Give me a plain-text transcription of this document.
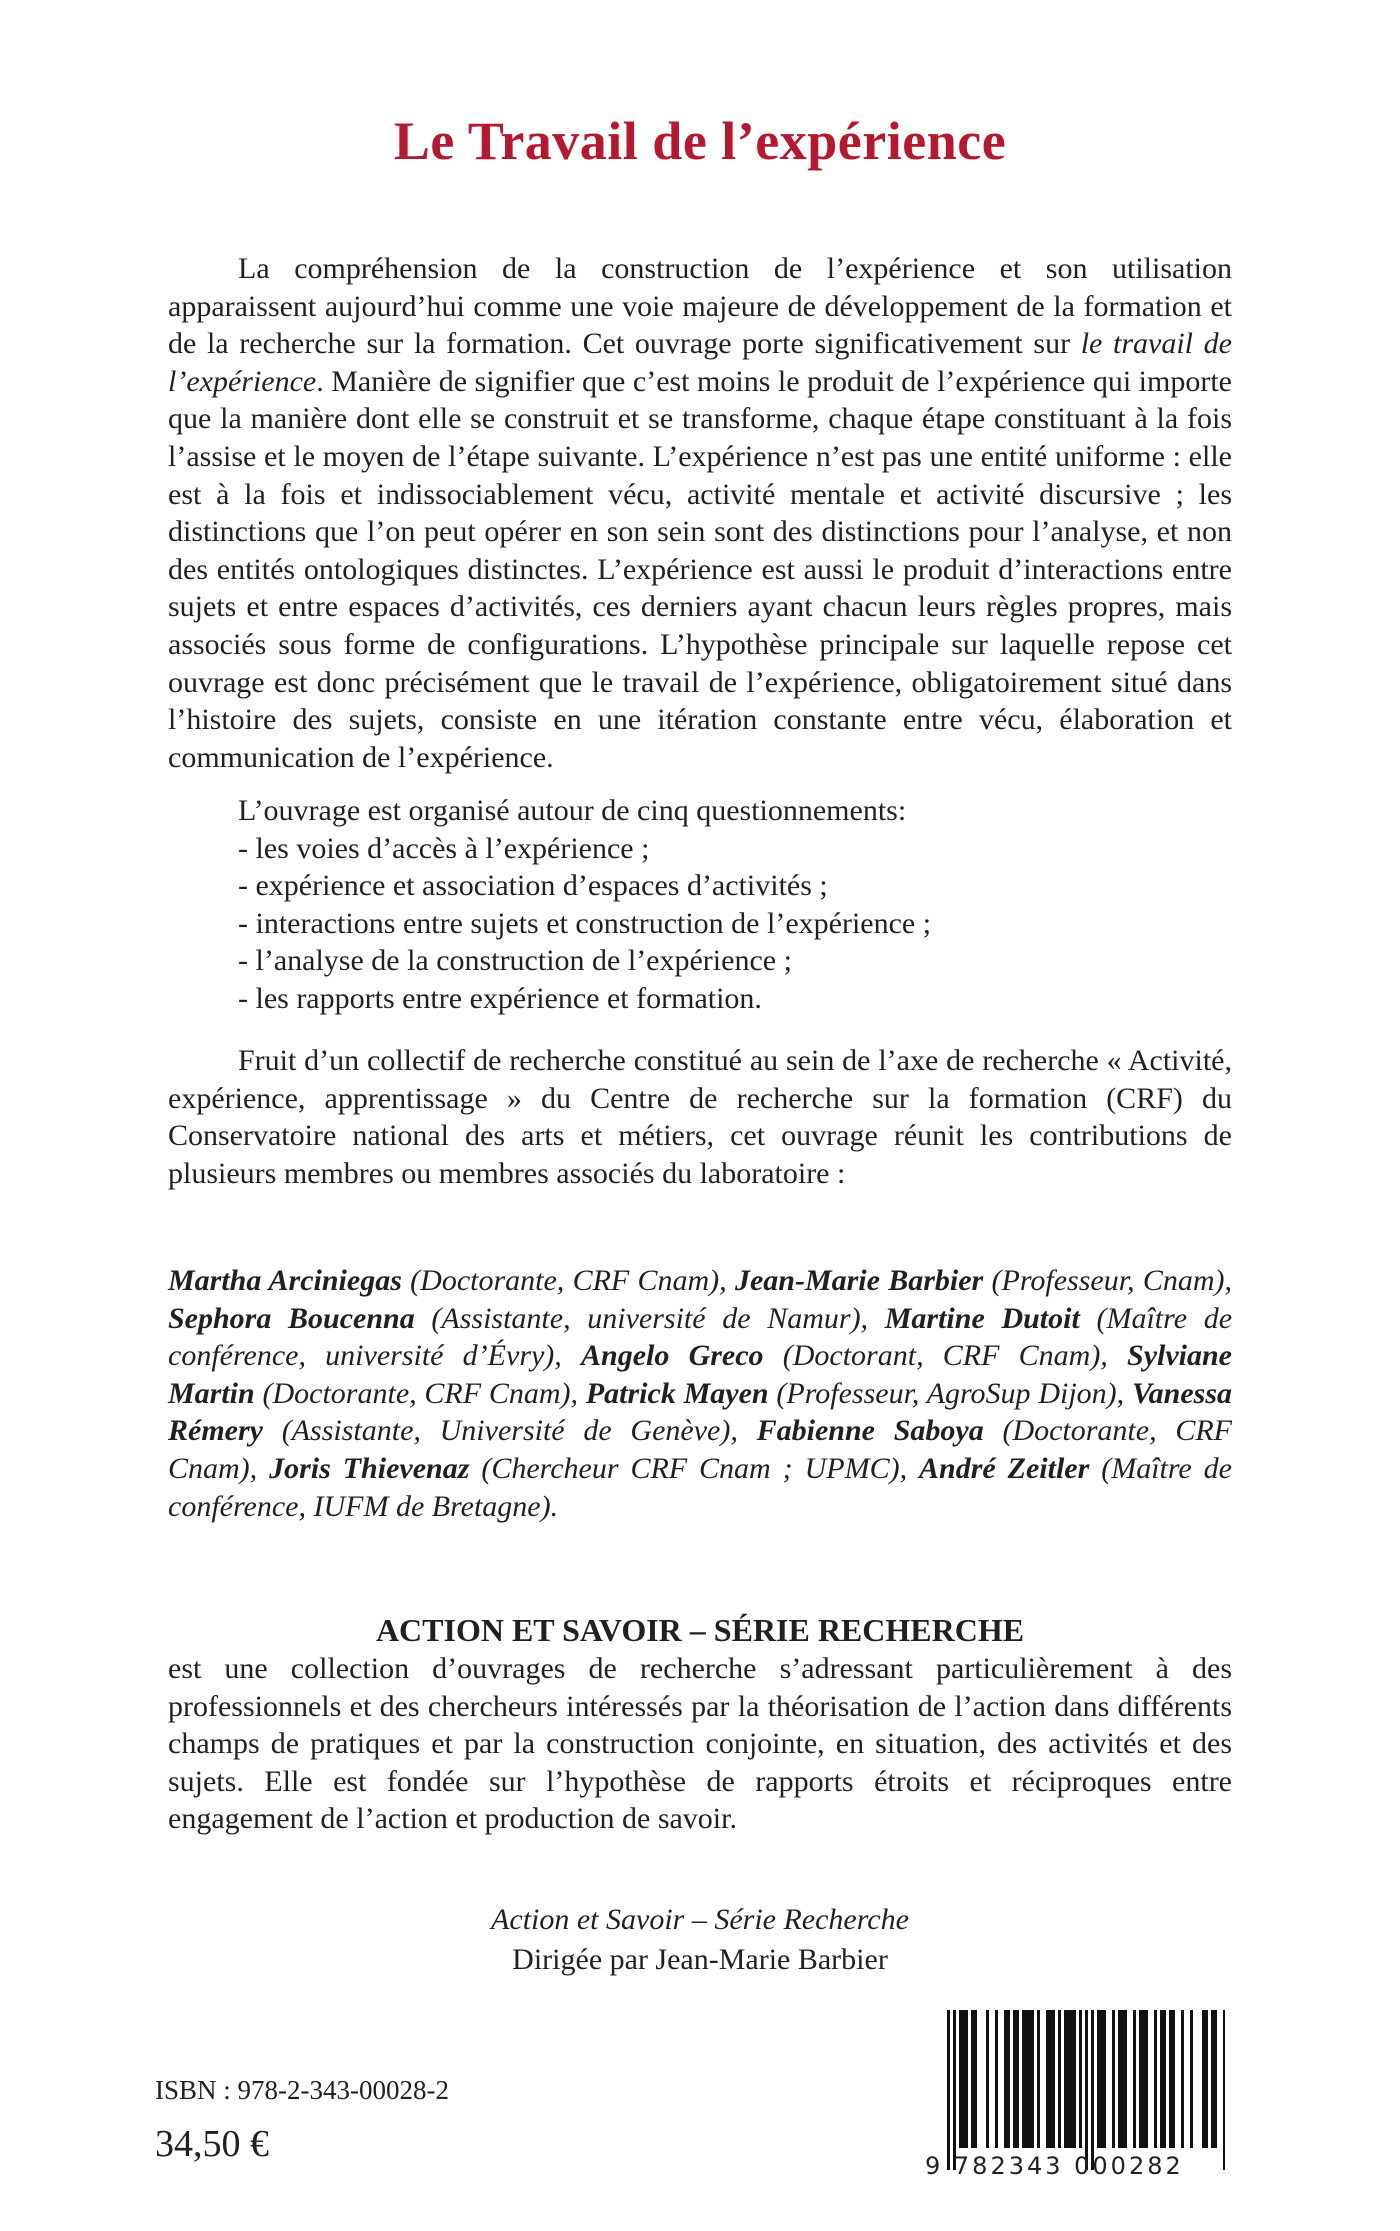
Le Travail de l’expérience
La compréhension de la construction de l’expérience et son utilisation apparaissent aujourd’hui comme une voie majeure de développement de la formation et de la recherche sur la formation. Cet ouvrage porte significativement sur le travail de l’expérience. Manière de signifier que c’est moins le produit de l’expérience qui importe que la manière dont elle se construit et se transforme, chaque étape constituant à la fois l’assise et le moyen de l’étape suivante. L’expérience n’est pas une entité uniforme : elle est à la fois et indissociablement vécu, activité mentale et activité discursive ; les distinctions que l’on peut opérer en son sein sont des distinctions pour l’analyse, et non des entités ontologiques distinctes. L’expérience est aussi le produit d’interactions entre sujets et entre espaces d’activités, ces derniers ayant chacun leurs règles propres, mais associés sous forme de configurations. L’hypothèse principale sur laquelle repose cet ouvrage est donc précisément que le travail de l’expérience, obligatoirement situé dans l’histoire des sujets, consiste en une itération constante entre vécu, élaboration et communication de l’expérience.
L’ouvrage est organisé autour de cinq questionnements:
- les voies d’accès à l’expérience ;
- expérience et association d’espaces d’activités ;
- interactions entre sujets et construction de l’expérience ;
- l’analyse de la construction de l’expérience ;
- les rapports entre expérience et formation.
Fruit d’un collectif de recherche constitué au sein de l’axe de recherche « Activité, expérience, apprentissage » du Centre de recherche sur la formation (CRF) du Conservatoire national des arts et métiers, cet ouvrage réunit les contributions de plusieurs membres ou membres associés du laboratoire :
Martha Arciniegas (Doctorante, CRF Cnam), Jean-Marie Barbier (Professeur, Cnam), Sephora Boucenna (Assistante, université de Namur), Martine Dutoit (Maître de conférence, université d’Évry), Angelo Greco (Doctorant, CRF Cnam), Sylviane Martin (Doctorante, CRF Cnam), Patrick Mayen (Professeur, AgroSup Dijon), Vanessa Rémery (Assistante, Université de Genève), Fabienne Saboya (Doctorante, CRF Cnam), Joris Thievenaz (Chercheur CRF Cnam ; UPMC), André Zeitler (Maître de conférence, IUFM de Bretagne).
ACTION ET SAVOIR – SÉRIE RECHERCHE
est une collection d’ouvrages de recherche s’adressant particulièrement à des professionnels et des chercheurs intéressés par la théorisation de l’action dans différents champs de pratiques et par la construction conjointe, en situation, des activités et des sujets. Elle est fondée sur l’hypothèse de rapports étroits et réciproques entre engagement de l’action et production de savoir.
Action et Savoir – Série Recherche
Dirigée par Jean-Marie Barbier
ISBN : 978-2-343-00028-2
34,50 €
9 782343 000282
